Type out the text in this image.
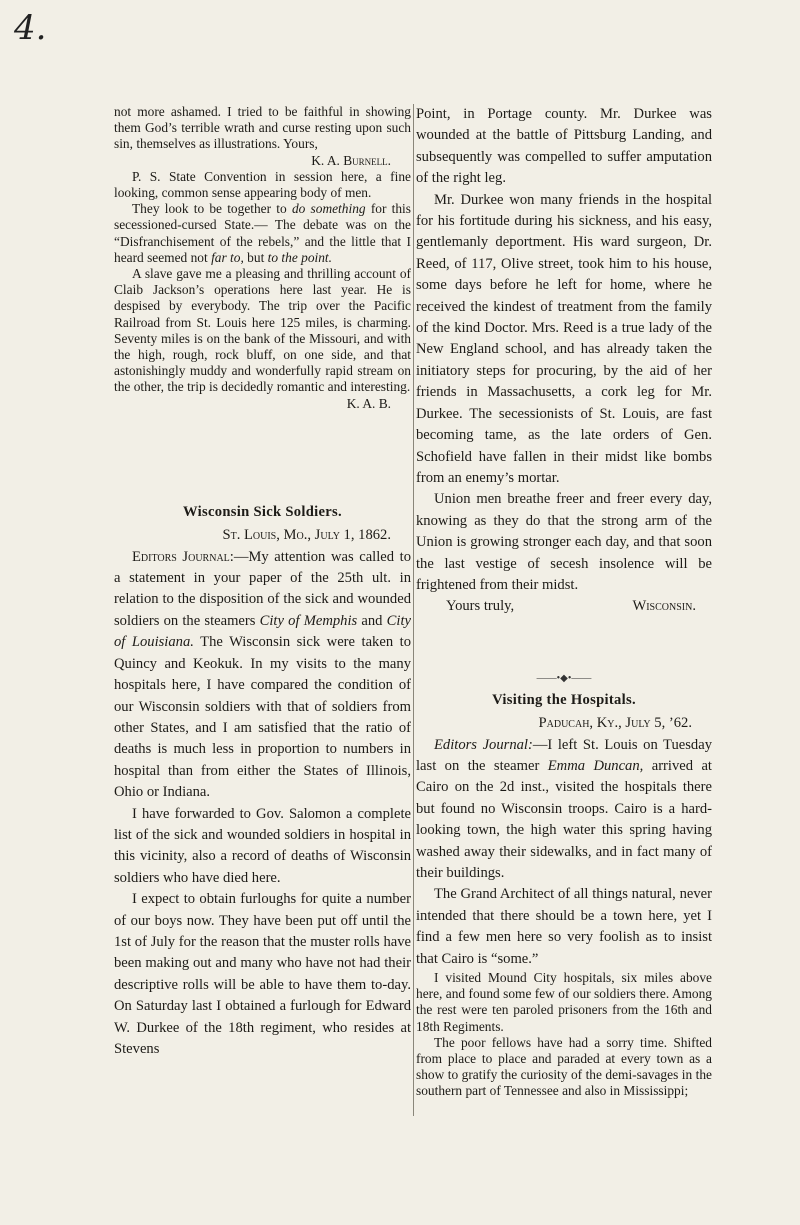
4.

not more ashamed. I tried to be faithful in showing them God’s terrible wrath and curse resting upon such sin, themselves as illustrations. Yours,

K. A. Burnell.

P. S. State Convention in session here, a fine looking, common sense appearing body of men.

They look to be together to do something for this secessioned-cursed State.— The debate was on the “Disfranchisement of the rebels,” and the little that I heard seemed not far to, but to the point.

A slave gave me a pleasing and thrilling account of Claib Jackson’s operations here last year. He is despised by everybody. The trip over the Pacific Railroad from St. Louis here 125 miles, is charming. Seventy miles is on the bank of the Missouri, and with the high, rough, rock bluff, on one side, and that astonishingly muddy and wonderfully rapid stream on the other, the trip is decidedly romantic and interesting.

K. A. B.

Wisconsin Sick Soldiers.

St. Louis, Mo., July 1, 1862.

Editors Journal:—My attention was called to a statement in your paper of the 25th ult. in relation to the disposition of the sick and wounded soldiers on the steamers City of Memphis and City of Louisiana. The Wisconsin sick were taken to Quincy and Keokuk. In my visits to the many hospitals here, I have compared the condition of our Wisconsin soldiers with that of soldiers from other States, and I am satisfied that the ratio of deaths is much less in proportion to numbers in hospital than from either the States of Illinois, Ohio or Indiana.

I have forwarded to Gov. Salomon a complete list of the sick and wounded soldiers in hospital in this vicinity, also a record of deaths of Wisconsin soldiers who have died here.

I expect to obtain furloughs for quite a number of our boys now. They have been put off until the 1st of July for the reason that the muster rolls have been making out and many who have not had their descriptive rolls will be able to have them to-day. On Saturday last I obtained a furlough for Edward W. Durkee of the 18th regiment, who resides at Stevens

Point, in Portage county. Mr. Durkee was wounded at the battle of Pittsburg Landing, and subsequently was compelled to suffer amputation of the right leg.

Mr. Durkee won many friends in the hospital for his fortitude during his sickness, and his easy, gentlemanly deportment. His ward surgeon, Dr. Reed, of 117, Olive street, took him to his house, some days before he left for home, where he received the kindest of treatment from the family of the kind Doctor. Mrs. Reed is a true lady of the New England school, and has already taken the initiatory steps for procuring, by the aid of her friends in Massachusetts, a cork leg for Mr. Durkee. The secessionists of St. Louis, are fast becoming tame, as the late orders of Gen. Schofield have fallen in their midst like bombs from an enemy’s mortar.

Union men breathe freer and freer every day, knowing as they do that the strong arm of the Union is growing stronger each day, and that soon the last vestige of secesh insolence will be frightened from their midst.

Yours truly,	Wisconsin.
——•◆•——
Visiting the Hospitals.

Paducah, Ky., July 5, ’62.

Editors Journal:—I left St. Louis on Tuesday last on the steamer Emma Duncan, arrived at Cairo on the 2d inst., visited the hospitals there but found no Wisconsin troops. Cairo is a hard-looking town, the high water this spring having washed away their sidewalks, and in fact many of their buildings.

The Grand Architect of all things natural, never intended that there should be a town here, yet I find a few men here so very foolish as to insist that Cairo is “some.”

I visited Mound City hospitals, six miles above here, and found some few of our soldiers there. Among the rest were ten paroled prisoners from the 16th and 18th Regiments.

The poor fellows have had a sorry time. Shifted from place to place and paraded at every town as a show to gratify the curiosity of the demi-savages in the southern part of Tennessee and also in Mississippi;
